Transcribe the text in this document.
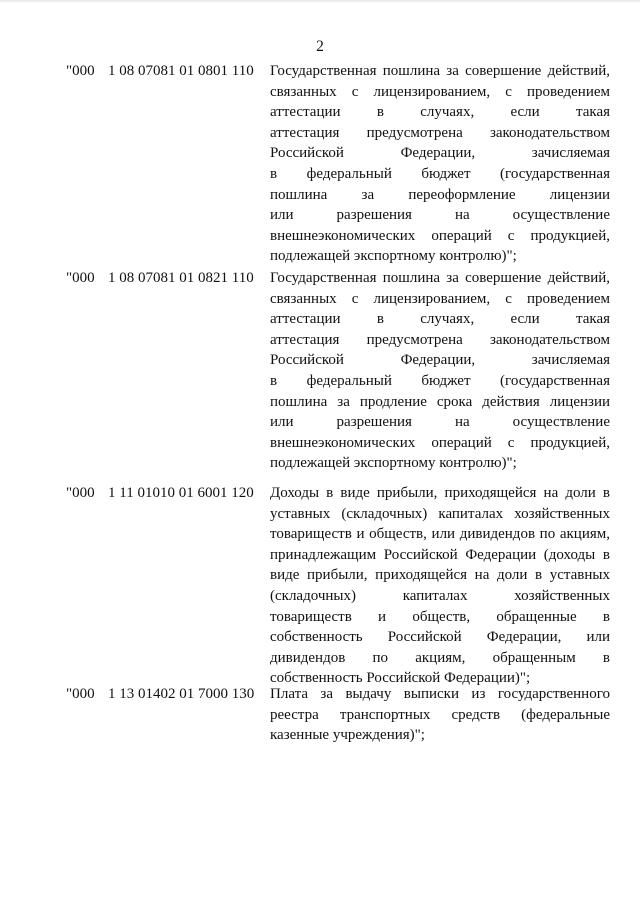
2
"000 1 08 07081 01 0801 110 Государственная пошлина за совершение действий,
связанных с лицензированием, с проведением
аттестации в случаях, если такая
аттестация предусмотрена законодательством
Российской Федерации, зачисляемая
в федеральный бюджет (государственная
пошлина за переоформление лицензии
или разрешения на осуществление
внешнеэкономических операций с продукцией,
подлежащей экспортному контролю)";
"000 1 08 07081 01 0821 110 Государственная пошлина за совершение действий,
связанных с лицензированием, с проведением
аттестации в случаях, если такая
аттестация предусмотрена законодательством
Российской Федерации, зачисляемая
в федеральный бюджет (государственная
пошлина за продление срока действия лицензии
или разрешения на осуществление
внешнеэкономических операций с продукцией,
подлежащей экспортному контролю)";
"000 1 11 01010 01 6001 120 Доходы в виде прибыли, приходящейся на доли в
уставных (складочных) капиталах хозяйственных
товариществ и обществ, или дивидендов по акциям,
принадлежащим Российской Федерации (доходы в
виде прибыли, приходящейся на доли в уставных
(складочных) капиталах хозяйственных
товариществ и обществ, обращенные в
собственность Российской Федерации, или
дивидендов по акциям, обращенным в
собственность Российской Федерации)";
"000 1 13 01402 01 7000 130 Плата за выдачу выписки из государственного
реестра транспортных средств (федеральные
казенные учреждения)";
